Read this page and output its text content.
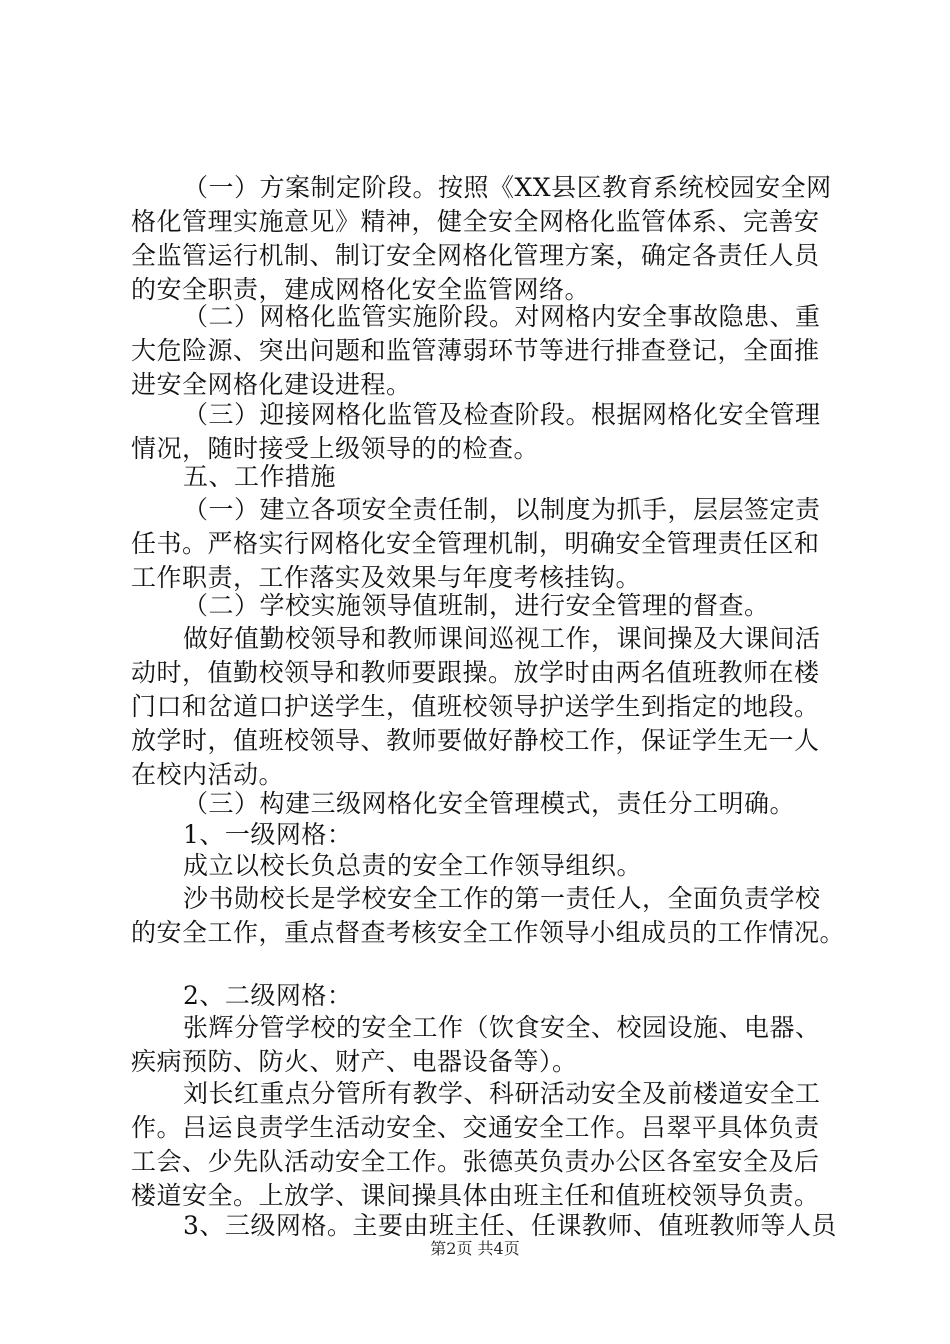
（一）方案制定阶段。按照《XX县区教育系统校园安全网
格化管理实施意见》精神，健全安全网格化监管体系、完善安
全监管运行机制、制订安全网格化管理方案，确定各责任人员
的安全职责，建成网格化安全监管网络。
（二）网格化监管实施阶段。对网格内安全事故隐患、重
大危险源、突出问题和监管薄弱环节等进行排查登记，全面推
进安全网格化建设进程。
（三）迎接网格化监管及检查阶段。根据网格化安全管理
情况，随时接受上级领导的的检查。
五、工作措施
（一）建立各项安全责任制，以制度为抓手，层层签定责
任书。严格实行网格化安全管理机制，明确安全管理责任区和
工作职责，工作落实及效果与年度考核挂钩。
（二）学校实施领导值班制，进行安全管理的督查。
做好值勤校领导和教师课间巡视工作，课间操及大课间活
动时，值勤校领导和教师要跟操。放学时由两名值班教师在楼
门口和岔道口护送学生，值班校领导护送学生到指定的地段。
放学时，值班校领导、教师要做好静校工作，保证学生无一人
在校内活动。
（三）构建三级网格化安全管理模式，责任分工明确。
1、一级网格：
成立以校长负总责的安全工作领导组织。
沙书勋校长是学校安全工作的第一责任人，全面负责学校
的安全工作，重点督查考核安全工作领导小组成员的工作情况。
2、二级网格：
张辉分管学校的安全工作（饮食安全、校园设施、电器、
疾病预防、防火、财产、电器设备等）。
刘长红重点分管所有教学、科研活动安全及前楼道安全工
作。吕运良责学生活动安全、交通安全工作。吕翠平具体负责
工会、少先队活动安全工作。张德英负责办公区各室安全及后
楼道安全。上放学、课间操具体由班主任和值班校领导负责。
3、三级网格。主要由班主任、任课教师、值班教师等人员
第2页 共4页
